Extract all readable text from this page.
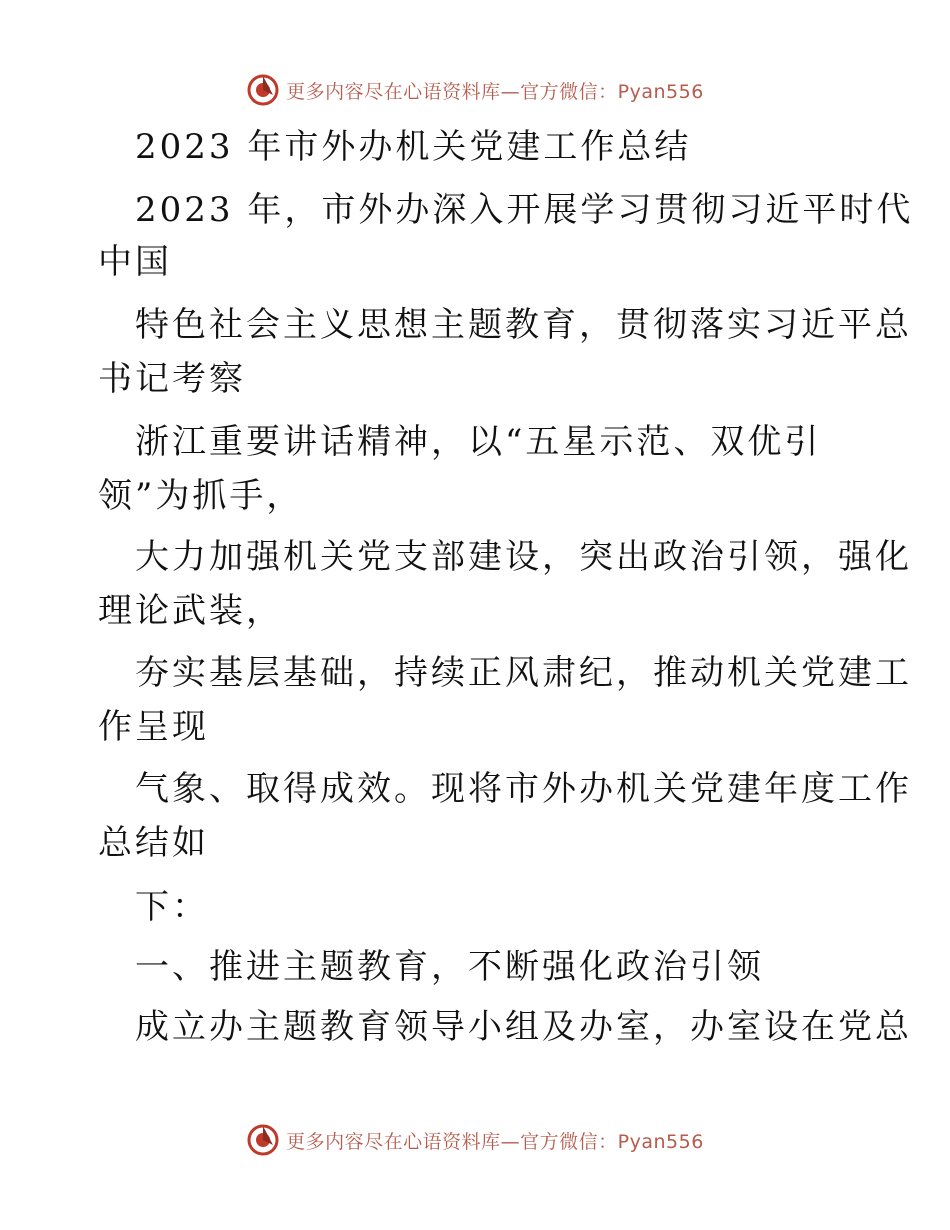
更多内容尽在心语资料库—官方微信：Pyan556
2023 年市外办机关党建工作总结
2023 年，市外办深入开展学习贯彻习近平时代
中国
特色社会主义思想主题教育，贯彻落实习近平总
书记考察
浙江重要讲话精神，以“五星示范、双优引
领”为抓手，
大力加强机关党支部建设，突出政治引领，强化
理论武装，
夯实基层基础，持续正风肃纪，推动机关党建工
作呈现
气象、取得成效。现将市外办机关党建年度工作
总结如
下：
一、推进主题教育，不断强化政治引领
成立办主题教育领导小组及办室，办室设在党总
更多内容尽在心语资料库—官方微信：Pyan556
